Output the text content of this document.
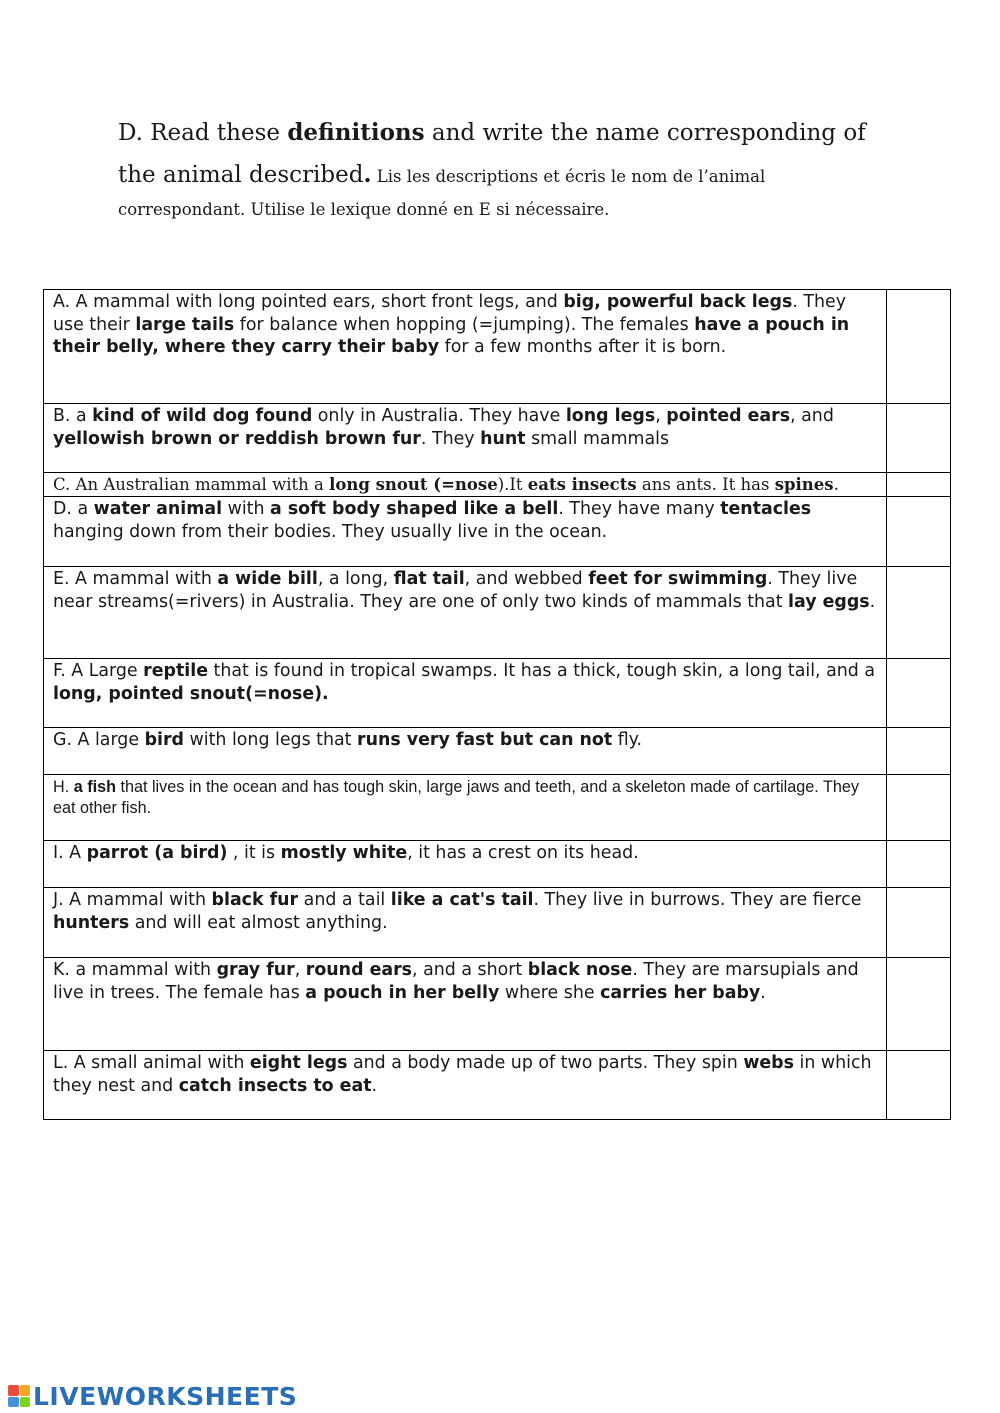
D. Read these definitions and write the name corresponding of
the animal described. Lis les descriptions et écris le nom de l’animal
correspondant. Utilise le lexique donné en E si nécessaire.
A. A mammal with long pointed ears, short front legs, and big, powerful back legs. They use their large tails for balance when hopping (=jumping). The females have a pouch in their belly, where they carry their baby for a few months after it is born.	
B. a kind of wild dog found only in Australia. They have long legs, pointed ears, and yellowish brown or reddish brown fur. They hunt small mammals	
C. An Australian mammal with a long snout (=nose).It eats insects ans ants. It has spines.	
D. a water animal with a soft body shaped like a bell. They have many tentacles hanging down from their bodies. They usually live in the ocean.	
E. A mammal with a wide bill, a long, flat tail, and webbed feet for swimming. They live near streams(=rivers) in Australia. They are one of only two kinds of mammals that lay eggs.	
F. A Large reptile that is found in tropical swamps. It has a thick, tough skin, a long tail, and a long, pointed snout(=nose).	
G. A large bird with long legs that runs very fast but can not fly.	
H. a fish that lives in the ocean and has tough skin, large jaws and teeth, and a skeleton made of cartilage. They eat other fish.	
I. A parrot (a bird) , it is mostly white, it has a crest on its head.	
J. A mammal with black fur and a tail like a cat's tail. They live in burrows. They are fierce hunters and will eat almost anything.	
K. a mammal with gray fur, round ears, and a short black nose. They are marsupials and live in trees. The female has a pouch in her belly where she carries her baby.	
L. A small animal with eight legs and a body made up of two parts. They spin webs in which they nest and catch insects to eat.	
LIVEWORKSHEETS
